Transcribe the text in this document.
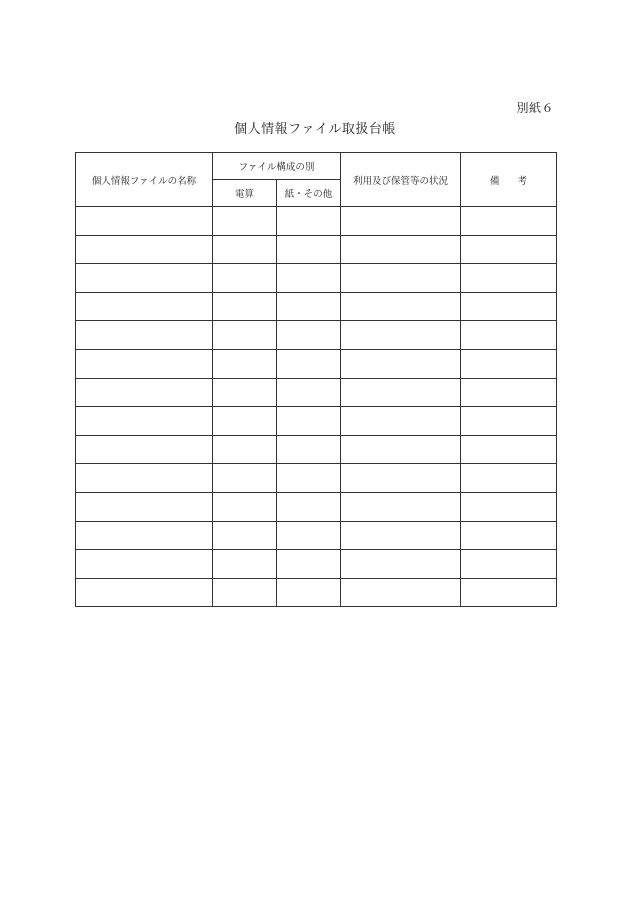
別紙６
個人情報ファイル取扱台帳
個人情報ファイルの名称	ファイル構成の別		利用及び保管等の状況	備考
	電算	紙・その他		
